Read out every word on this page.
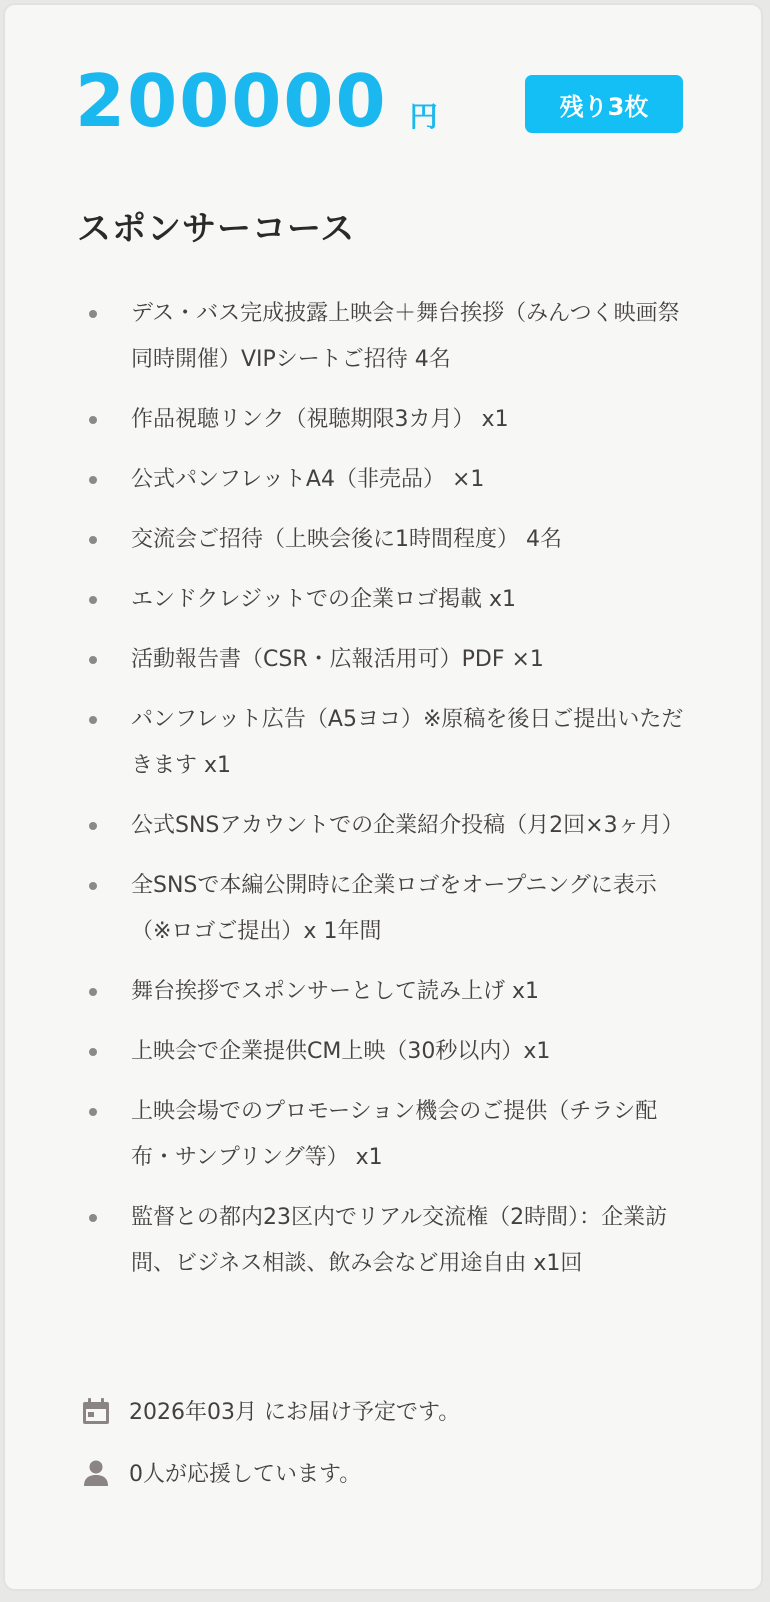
200000 円	残り3枚
スポンサーコース
デス・バス完成披露上映会＋舞台挨拶（みんつく映画祭同時開催）VIPシートご招待 4名
作品視聴リンク（視聴期限3カ月） x1
公式パンフレットA4（非売品） ×1
交流会ご招待（上映会後に1時間程度） 4名
エンドクレジットでの企業ロゴ掲載 x1
活動報告書（CSR・広報活用可）PDF ×1
パンフレット広告（A5ヨコ）※原稿を後日ご提出いただきます x1
公式SNSアカウントでの企業紹介投稿（月2回×3ヶ月）
全SNSで本編公開時に企業ロゴをオープニングに表示（※ロゴご提出）x 1年間
舞台挨拶でスポンサーとして読み上げ x1
上映会で企業提供CM上映（30秒以内）x1
上映会場でのプロモーション機会のご提供（チラシ配布・サンプリング等） x1
監督との都内23区内でリアル交流権（2時間）：企業訪問、ビジネス相談、飲み会など用途自由 x1回
2026年03月 にお届け予定です。
0人が応援しています。
